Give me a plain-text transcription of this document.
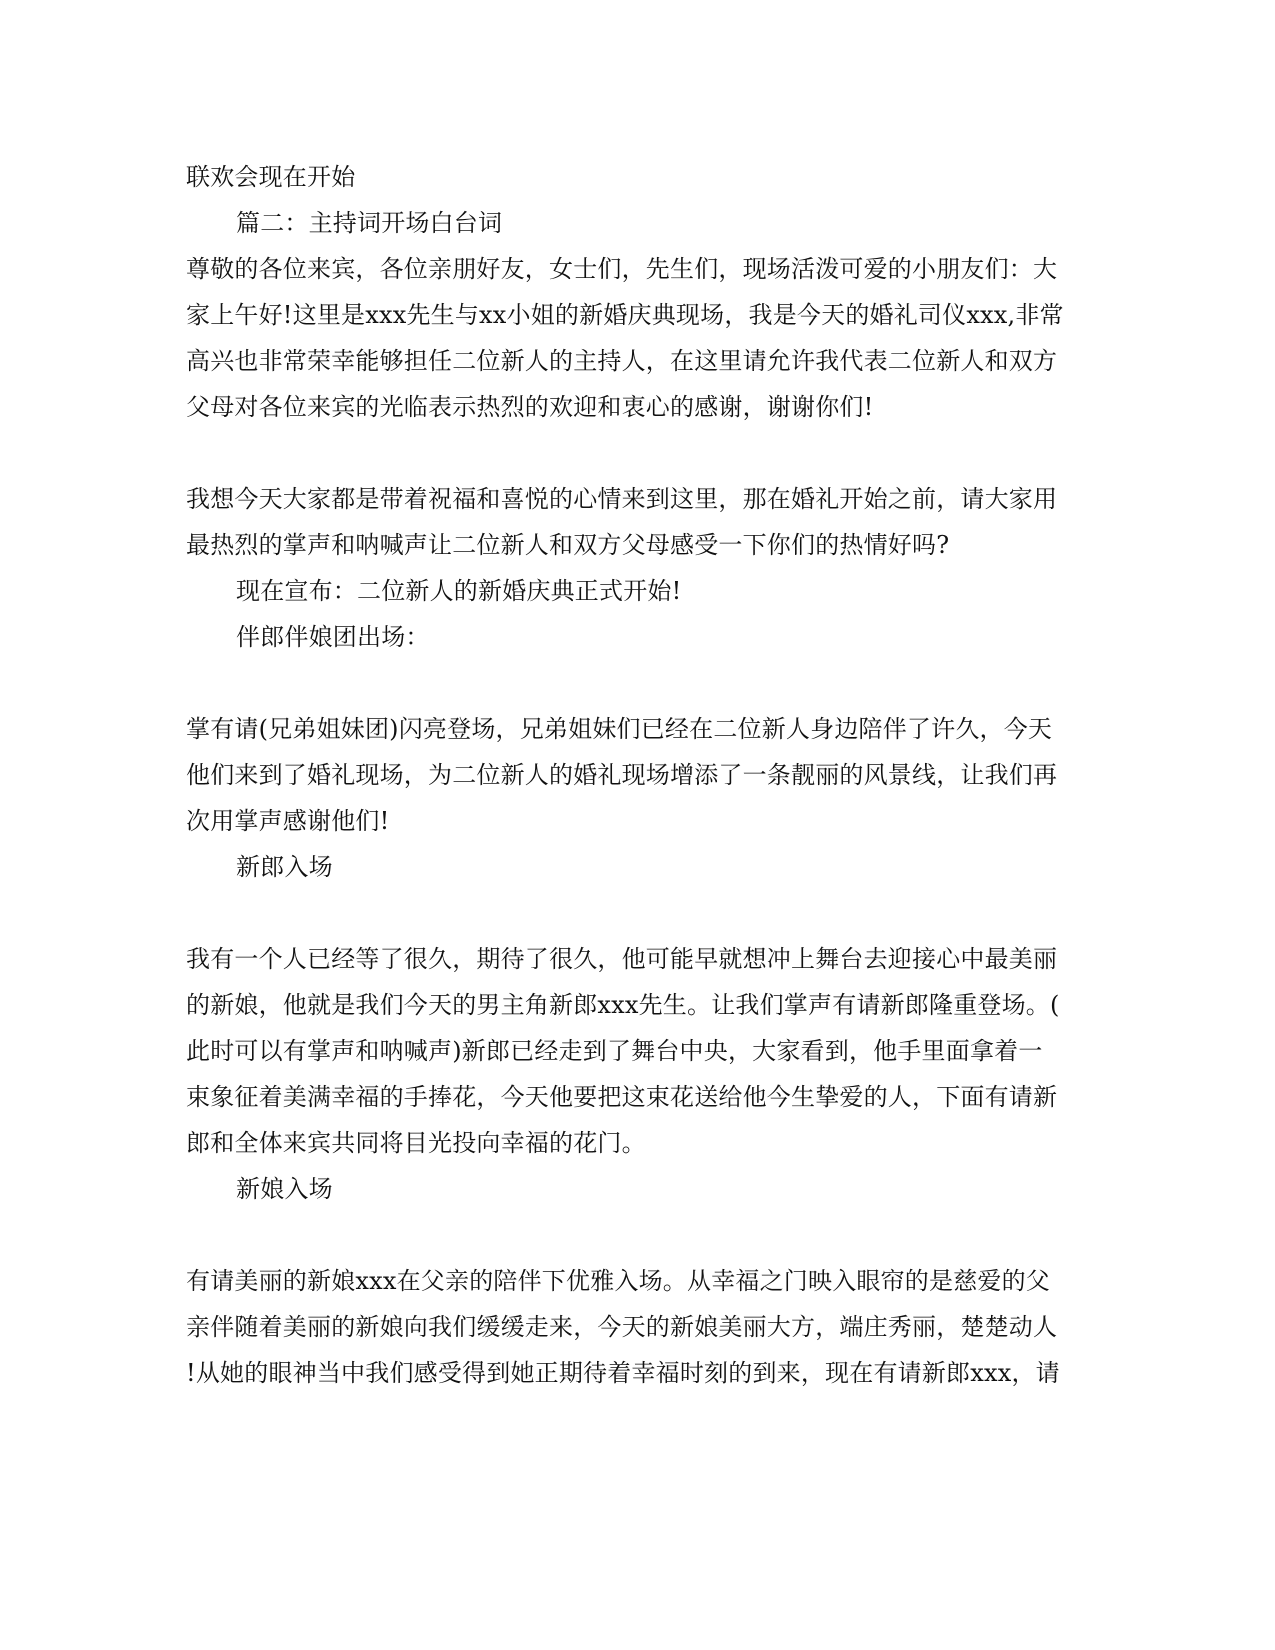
联欢会现在开始
篇二：主持词开场白台词
尊敬的各位来宾，各位亲朋好友，女士们，先生们，现场活泼可爱的小朋友们：大
家上午好!这里是xxx先生与xx小姐的新婚庆典现场，我是今天的婚礼司仪xxx,非常
高兴也非常荣幸能够担任二位新人的主持人，在这里请允许我代表二位新人和双方
父母对各位来宾的光临表示热烈的欢迎和衷心的感谢，谢谢你们!
我想今天大家都是带着祝福和喜悦的心情来到这里，那在婚礼开始之前，请大家用
最热烈的掌声和呐喊声让二位新人和双方父母感受一下你们的热情好吗?
现在宣布：二位新人的新婚庆典正式开始!
伴郎伴娘团出场：
掌有请(兄弟姐妹团)闪亮登场，兄弟姐妹们已经在二位新人身边陪伴了许久，今天
他们来到了婚礼现场，为二位新人的婚礼现场增添了一条靓丽的风景线，让我们再
次用掌声感谢他们!
新郎入场
我有一个人已经等了很久，期待了很久，他可能早就想冲上舞台去迎接心中最美丽
的新娘，他就是我们今天的男主角新郎xxx先生。让我们掌声有请新郎隆重登场。(
此时可以有掌声和呐喊声)新郎已经走到了舞台中央，大家看到，他手里面拿着一
束象征着美满幸福的手捧花，今天他要把这束花送给他今生挚爱的人，下面有请新
郎和全体来宾共同将目光投向幸福的花门。
新娘入场
有请美丽的新娘xxx在父亲的陪伴下优雅入场。从幸福之门映入眼帘的是慈爱的父
亲伴随着美丽的新娘向我们缓缓走来，今天的新娘美丽大方，端庄秀丽，楚楚动人
!从她的眼神当中我们感受得到她正期待着幸福时刻的到来，现在有请新郎xxx，请
